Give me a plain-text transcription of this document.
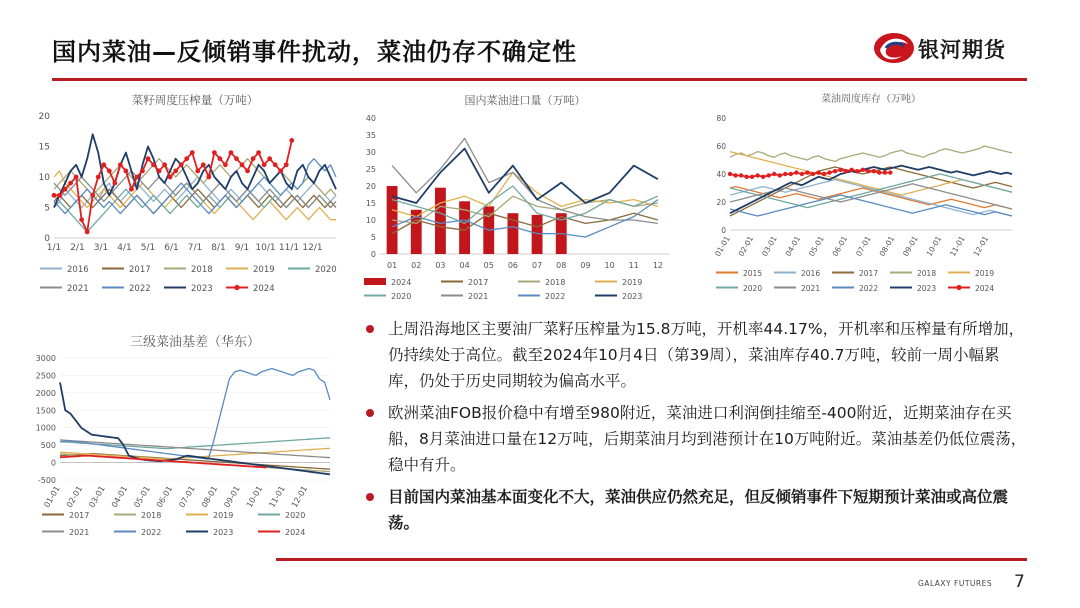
国内菜油—反倾销事件扰动，菜油仍存不确定性	银河期货
菜籽周度压榨量（万吨）
0
5
10
15
20
1/1 2/1 3/1 4/1 5/1 6/1 7/1 8/1 9/1 10/1 11/1 12/1
2016	2017	2018	2019	2020
2021	2022	2023	2024
国内菜油进口量（万吨）
0
5
10
15
20
25
30
35
40
01 02 03 04 05 06 07 08 09 10 11 12
2024	2017	2018	2019
2020	2021	2022	2023
菜油周度库存（万吨）
0
20
40
60
80
01-01 02-01 03-01 04-01 05-01 06-01 07-01 08-01 09-01 10-01 11-01 12-01
2015	2016	2017	2018	2019
2020	2021	2022	2023	2024
三级菜油基差（华东）
-500
0
500
1000
1500
2000
2500
3000
01-01 02-01 03-01 04-01 05-01 06-01 07-01 08-01 09-01 10-01 11-01 12-01
2017	2018	2019	2020
2021	2022	2023	2024
上周沿海地区主要油厂菜籽压榨量为15.8万吨，开机率44.17%，开机率和压榨量有所增加，仍持续处于高位。截至2024年10月4日（第39周），菜油库存40.7万吨，较前一周小幅累库，仍处于历史同期较为偏高水平。
欧洲菜油FOB报价稳中有增至980附近，菜油进口利润倒挂缩至-400附近，近期菜油存在买船，8月菜油进口量在12万吨，后期菜油月均到港预计在10万吨附近。菜油基差仍低位震荡，稳中有升。
目前国内菜油基本面变化不大，菜油供应仍然充足，但反倾销事件下短期预计菜油或高位震荡。
GALAXY FUTURES 7
